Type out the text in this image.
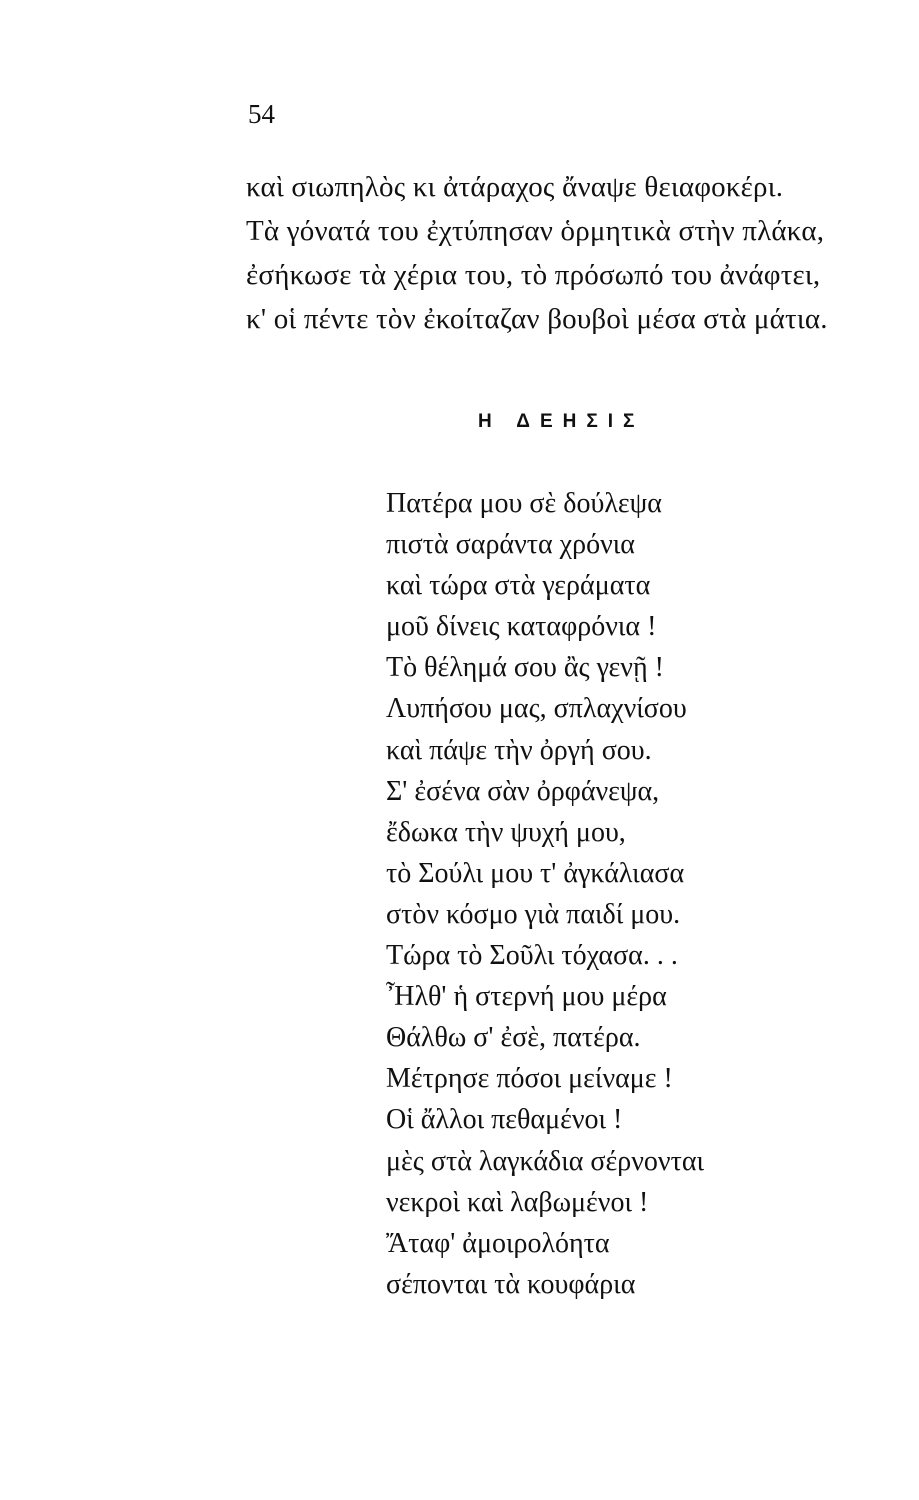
54

καὶ σιωπηλὸς κι ἀτάραχος ἄναψε θειαφοκέρι.

Τὰ γόνατά του ἐχτύπησαν ὁρμητικὰ στὴν πλάκα,

ἐσήκωσε τὰ χέρια του, τὸ πρόσωπό του ἀνάφτει,

κ' οἱ πέντε τὸν ἐκοίταζαν βουβοὶ μέσα στὰ μάτια.

Η ΔΕΗΣΙΣ

Πατέρα μου σὲ δούλεψα

πιστὰ σαράντα χρόνια

καὶ τώρα στὰ γεράματα

μοῦ δίνεις καταφρόνια !

Τὸ θέλημά σου ἂς γενῇ !

Λυπήσου μας, σπλαχνίσου

καὶ πάψε τὴν ὀργή σου.

Σ' ἐσένα σὰν ὀρφάνεψα,

ἔδωκα τὴν ψυχή μου,

τὸ Σούλι μου τ' ἀγκάλιασα

στὸν κόσμο γιὰ παιδί μου.

Τώρα τὸ Σοῦλι τόχασα. . .

Ἦλθ' ἡ στερνή μου μέρα

Θάλθω σ' ἐσὲ, πατέρα.

Μέτρησε πόσοι μείναμε !

Οἱ ἄλλοι πεθαμένοι !

μὲς στὰ λαγκάδια σέρνονται

νεκροὶ καὶ λαβωμένοι !

Ἄταφ' ἀμοιρολόητα

σέπονται τὰ κουφάρια
